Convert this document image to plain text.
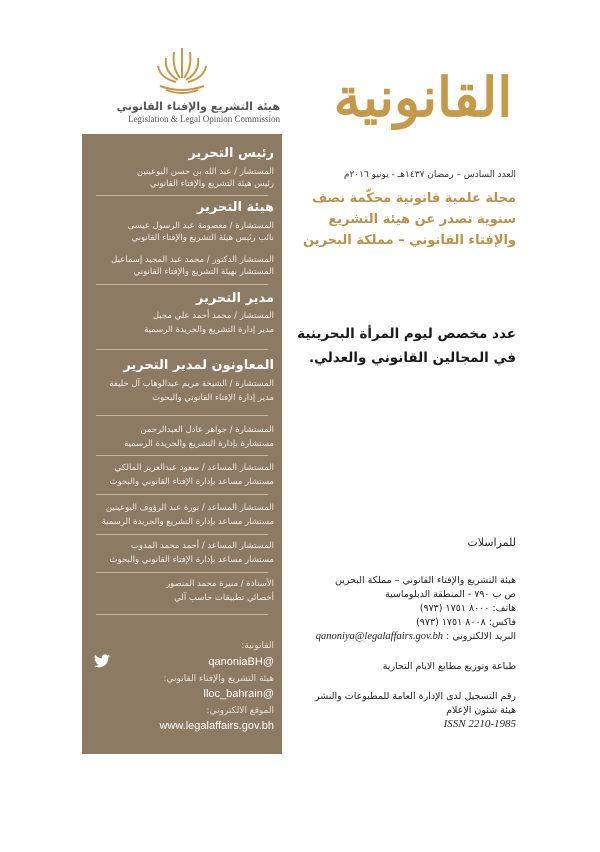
هيئة التشريع والإفتاء القانوني
Legislation & Legal Opinion Commission
رئيس التحرير
المستشار / عبد الله بن حسن البوعينين
رئيس هيئة التشريع والإفتاء القانوني
هيئة التحرير
المستشارة / معصومة عبد الرسول عيسى
نائب رئيس هيئة التشريع والإفتاء القانوني
المستشار الدكتور / محمد عبد المجيد إسماعيل
المستشار بهيئة التشريع والإفتاء القانوني
مدير التحرير
المستشار / محمد أحمد علي مجبل
مدير إدارة التشريع والجريدة الرسمية
المعاونون لمدير التحرير
المستشارة / الشيخة مريم عبدالوهاب آل خليفة
مدير إدارة الإفتاء القانوني والبحوث
المستشارة / جواهر عادل العبدالرحمن
مستشارة بإدارة التشريع والجريدة الرسمية
المستشار المساعد / سعود عبدالعزيز المالكي
مستشار مساعد بإدارة الإفتاء القانوني والبحوث
المستشار المساعد / نورة عبد الرؤوف البوعينين
مستشار مساعد بإدارة التشريع والجريدة الرسمية
المستشار المساعد / أحمد محمد المدوب
مستشار مساعد بإدارة الإفتاء القانوني والبحوث
الأستاذة / منيرة محمد المنصور
أخصائي تطبيقات حاسب آلي
القانونية:
@qanoniaBH
هيئة التشريع والإفتاء القانوني:
@lloc_bahrain
الموقع الالكتروني:
www.legalaffairs.gov.bh
القانونية
العدد السادس – رمضان ١٤٣٧هـ - يونيو ٢٠١٦م
مجلة علمية قانونية محكّمة نصف
سنوية تصدر عن هيئة التشريع
والإفتاء القانوني – مملكة البحرين
عدد مخصص ليوم المرأة البحرينية
في المجالين القانوني والعدلي.
للمراسلات
هيئة التشريع والإفتاء القانوني – مملكة البحرين
ص ب ٧٩٠ - المنطقة الدبلوماسية
هاتف: ٨٠٠٠ ١٧٥١ (٩٧٣)
فاكس: ٨٠٠٨ ١٧٥١ (٩٧٣)
البريد الالكتروني : qanoniya@legalaffairs.gov.bh
طباعة وتوزيع مطابع الايام التجارية
رقم التسجيل لدى الإدارة العامة للمطبوعات والنشر
هيئة شئون الإعلام
ISSN 2210-1985
